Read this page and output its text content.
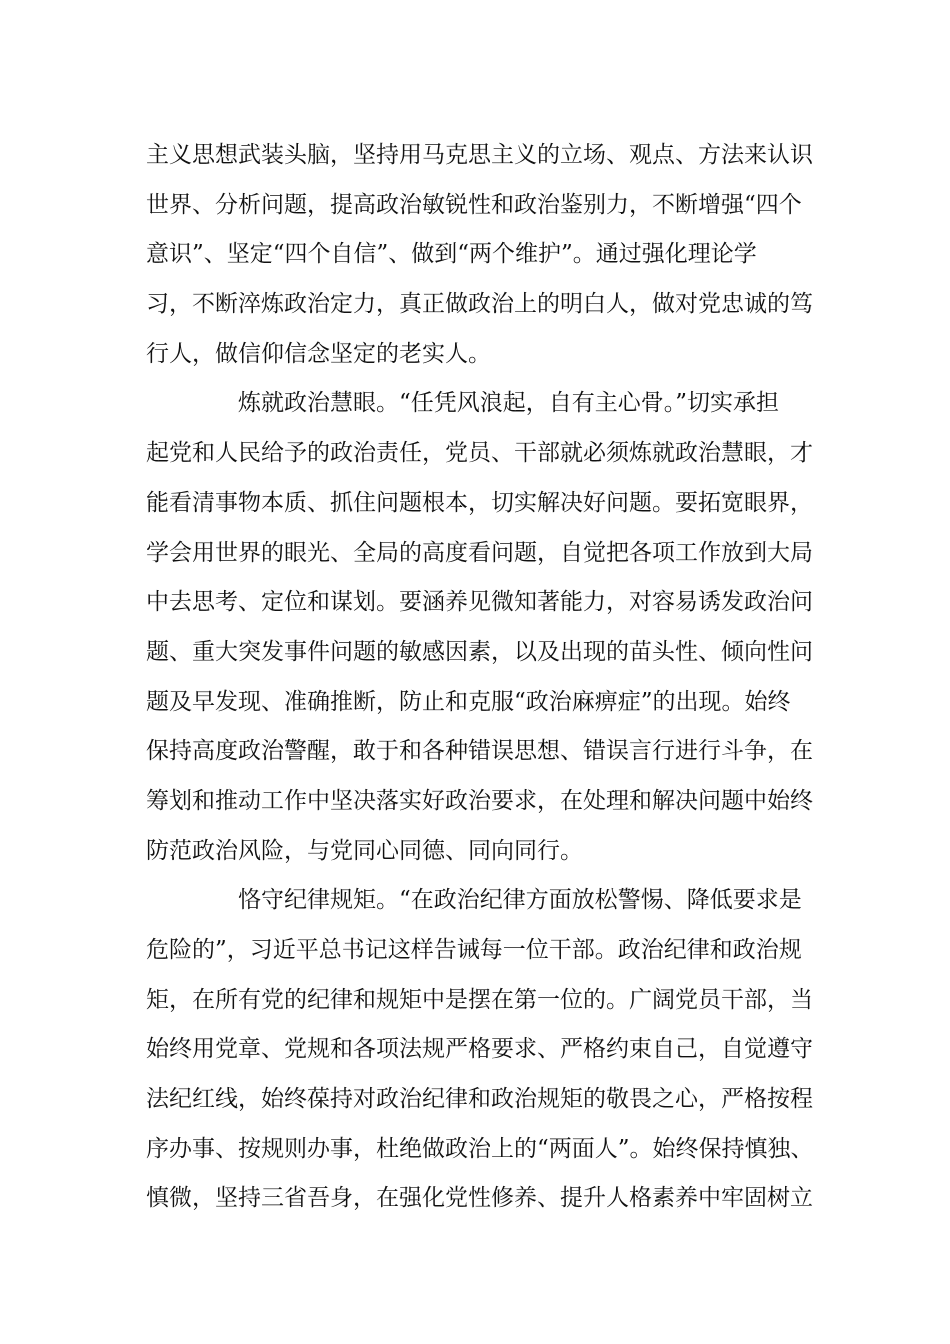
主义思想武装头脑，坚持用马克思主义的立场、观点、方法来认识
世界、分析问题，提高政治敏锐性和政治鉴别力，不断增强“四个
意识”、坚定“四个自信”、做到“两个维护”。通过强化理论学
习，不断淬炼政治定力，真正做政治上的明白人，做对党忠诚的笃
行人，做信仰信念坚定的老实人。
炼就政治慧眼。“任凭风浪起，自有主心骨。”切实承担
起党和人民给予的政治责任，党员、干部就必须炼就政治慧眼，才
能看清事物本质、抓住问题根本，切实解决好问题。要拓宽眼界，
学会用世界的眼光、全局的高度看问题，自觉把各项工作放到大局
中去思考、定位和谋划。要涵养见微知著能力，对容易诱发政治问
题、重大突发事件问题的敏感因素，以及出现的苗头性、倾向性问
题及早发现、准确推断，防止和克服“政治麻痹症”的出现。始终
保持高度政治警醒，敢于和各种错误思想、错误言行进行斗争，在
筹划和推动工作中坚决落实好政治要求，在处理和解决问题中始终
防范政治风险，与党同心同德、同向同行。
恪守纪律规矩。“在政治纪律方面放松警惕、降低要求是
危险的”，习近平总书记这样告诫每一位干部。政治纪律和政治规
矩，在所有党的纪律和规矩中是摆在第一位的。广阔党员干部，当
始终用党章、党规和各项法规严格要求、严格约束自己，自觉遵守
法纪红线，始终葆持对政治纪律和政治规矩的敬畏之心，严格按程
序办事、按规则办事，杜绝做政治上的“两面人”。始终保持慎独、
慎微，坚持三省吾身，在强化党性修养、提升人格素养中牢固树立
